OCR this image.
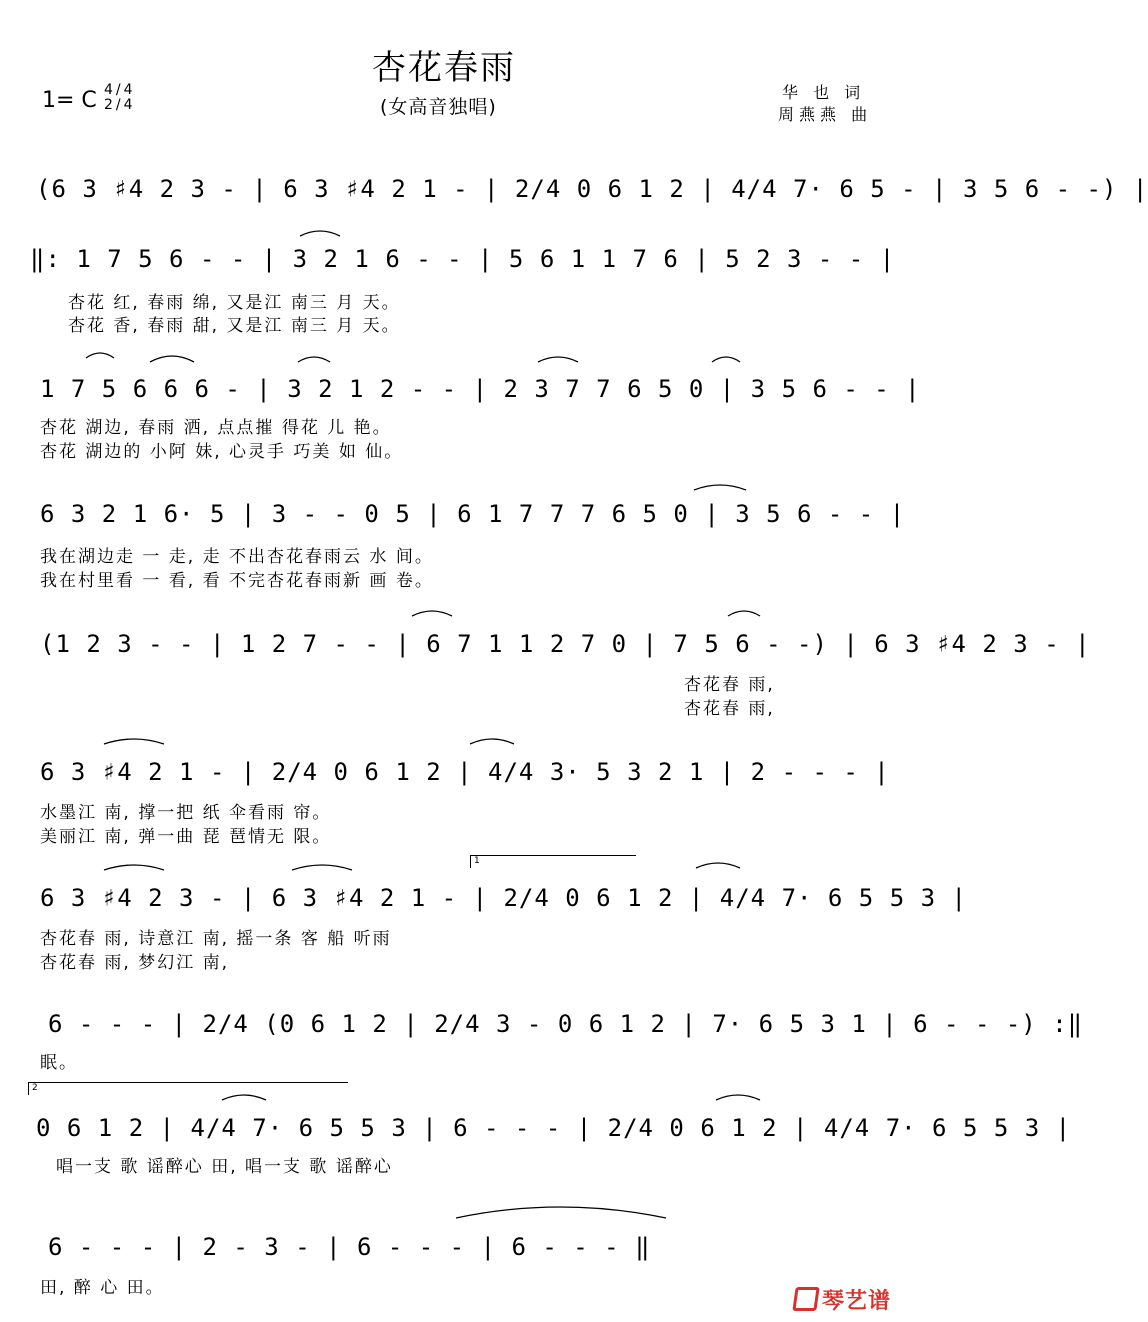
杏花春雨
(女高音独唱)
1= C 4/4 2/4
华 也 词
周燕燕 曲
(6 3 ♯4 2 3 - | 6 3 ♯4 2 1 - | 2/4 0 6 1 2 | 4/4 7· 6 5 - | 3 5 6 - -) |
‖: 1 7 5 6 - - | 3 2 1 6 - - | 5 6 1 1 7 6 | 5 2 3 - - |
杏花 红, 春雨 绵, 又是江 南三 月 天。
杏花 香, 春雨 甜, 又是江 南三 月 天。
1 7 5 6 6 6 - | 3 2 1 2 - - | 2 3 7 7 6 5 0 | 3 5 6 - - |
杏花 湖边, 春雨 洒, 点点摧 得花 儿 艳。
杏花 湖边的 小阿 妹, 心灵手 巧美 如 仙。
6 3 2 1 6· 5 | 3 - - 0 5 | 6 1 7 7 7 6 5 0 | 3 5 6 - - |
我在湖边走 一 走, 走 不出杏花春雨云 水 间。
我在村里看 一 看, 看 不完杏花春雨新 画 卷。
(1 2 3 - - | 1 2 7 - - | 6 7 1 1 2 7 0 | 7 5 6 - -) | 6 3 ♯4 2 3 - |
杏花春 雨,
杏花春 雨,
6 3 ♯4 2 1 - | 2/4 0 6 1 2 | 4/4 3· 5 3 2 1 | 2 - - - |
水墨江 南, 撑一把 纸 伞看雨 帘。
美丽江 南, 弹一曲 琵 琶情无 限。
6 3 ♯4 2 3 - | 6 3 ♯4 2 1 - | 2/4 0 6 1 2 | 4/4 7· 6 5 5 3 |
杏花春 雨, 诗意江 南, 摇一条 客 船 听雨
杏花春 雨, 梦幻江 南,
6 - - - | 2/4 (0 6 1 2 | 2/4 3 - 0 6 1 2 | 7· 6 5 3 1 | 6 - - -) :‖
眠。
0 6 1 2 | 4/4 7· 6 5 5 3 | 6 - - - | 2/4 0 6 1 2 | 4/4 7· 6 5 5 3 |
唱一支 歌 谣醉心 田, 唱一支 歌 谣醉心
6 - - - | 2 - 3 - | 6 - - - | 6 - - - ‖
田, 醉 心 田。
1
2
琴艺谱
